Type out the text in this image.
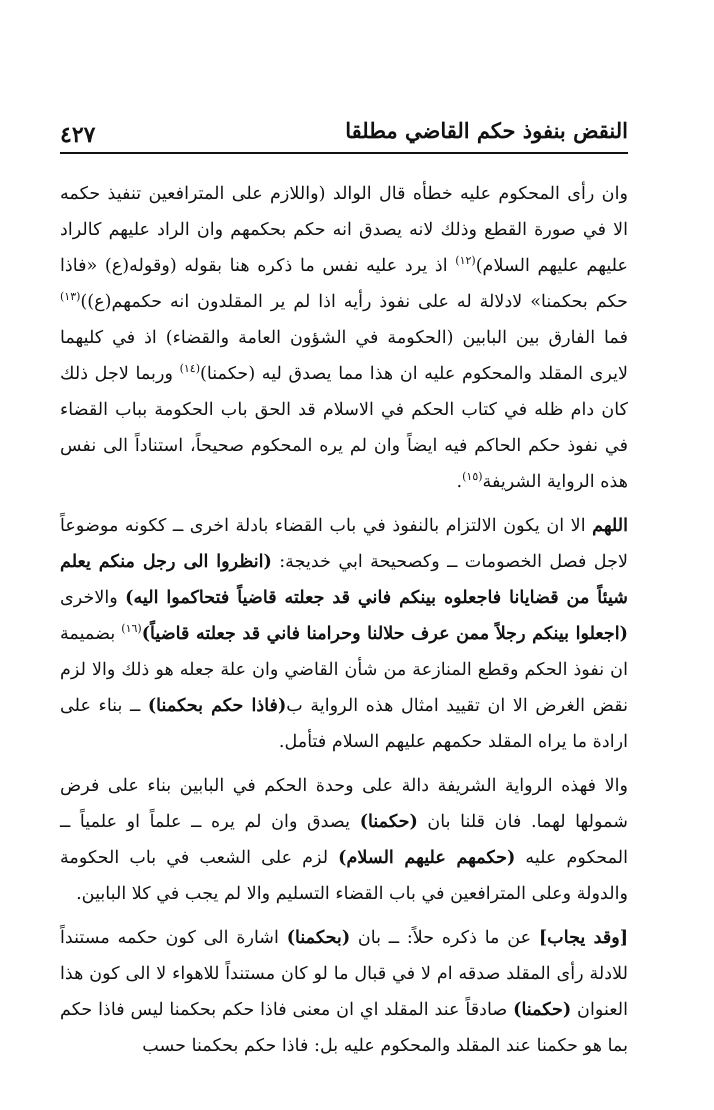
النقض بنفوذ حكم القاضي مطلقا
٤٢٧

وان رأى المحكوم عليه خطأه قال الوالد (واللازم على المترافعين تنفيذ حكمه الا في صورة القطع وذلك لانه يصدق انه حكم بحكمهم وان الراد عليهم كالراد عليهم عليهم السلام)$^{(١٢)}$ اذ يرد عليه نفس ما ذكره هنا بقوله (وقوله(ع) «فاذا حكم بحكمنا» لادلالة له على نفوذ رأيه اذا لم ير المقلدون انه حكمهم(ع))$^{(١٣)}$ فما الفارق بين البابين (الحكومة في الشؤون العامة والقضاء) اذ في كليهما لايرى المقلد والمحكوم عليه ان هذا مما يصدق ليه (حكمنا)$^{(١٤)}$ وربما لاجل ذلك كان دام ظله في كتاب الحكم في الاسلام قد الحق باب الحكومة بباب القضاء في نفوذ حكم الحاكم فيه ايضاً وان لم يره المحكوم صحيحاً، استناداً الى نفس هذه الرواية الشريفة$^{(١٥)}$.

اللهم الا ان يكون الالتزام بالنفوذ في باب القضاء بادلة اخرى ــ ككونه موضوعاً لاجل فصل الخصومات ــ وكصحيحة ابي خديجة: (انظروا الى رجل منكم يعلم شيئاً من قضايانا فاجعلوه بينكم فاني قد جعلته قاضياً فتحاكموا اليه) والاخرى (اجعلوا بينكم رجلاً ممن عرف حلالنا وحرامنا فاني قد جعلته قاضياً)$^{(١٦)}$ بضميمة ان نفوذ الحكم وقطع المنازعة من شأن القاضي وان علة جعله هو ذلك والا لزم نقض الغرض الا ان تقييد امثال هذه الرواية ب(فاذا حكم بحكمنا) ــ بناء على ارادة ما يراه المقلد حكمهم عليهم السلام فتأمل.

والا فهذه الرواية الشريفة دالة على وحدة الحكم في البابين بناء على فرض شمولها لهما. فان قلنا بان (حكمنا) يصدق وان لم يره ــ علماً او علمياً ــ المحكوم عليه (حكمهم عليهم السلام) لزم على الشعب في باب الحكومة والدولة وعلى المترافعين في باب القضاء التسليم والا لم يجب في كلا البابين.

[وقد يجاب] عن ما ذكره حلاً: ــ بان (بحكمنا) اشارة الى كون حكمه مستنداً للادلة رأى المقلد صدقه ام لا في قبال ما لو كان مستنداً للاهواء لا الى كون هذا العنوان (حكمنا) صادقاً عند المقلد اي ان معنى فاذا حكم بحكمنا ليس فاذا حكم بما هو حكمنا عند المقلد والمحكوم عليه بل: فاذا حكم بحكمنا حسب
